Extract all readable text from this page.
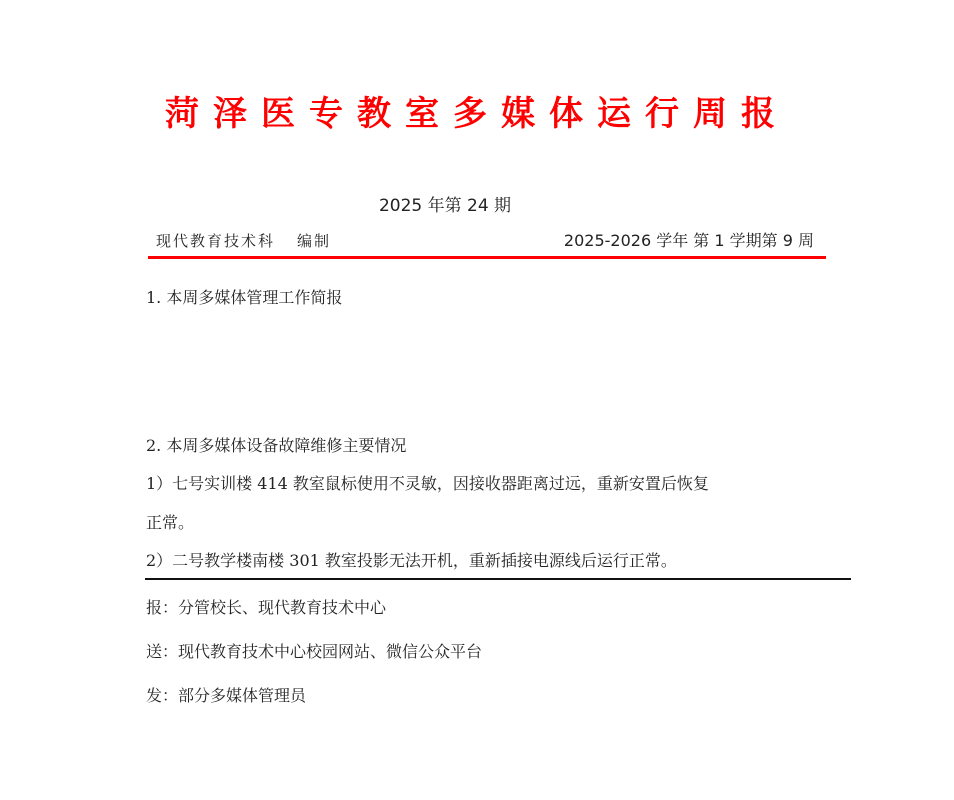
菏泽医专教室多媒体运行周报
2025 年第 24 期
现代教育技术科 编制	2025-2026 学年 第 1 学期第 9 周
1. 本周多媒体管理工作简报
2. 本周多媒体设备故障维修主要情况
1）七号实训楼 414 教室鼠标使用不灵敏，因接收器距离过远，重新安置后恢复
正常。
2）二号教学楼南楼 301 教室投影无法开机，重新插接电源线后运行正常。
报：分管校长、现代教育技术中心
送：现代教育技术中心校园网站、微信公众平台
发：部分多媒体管理员
